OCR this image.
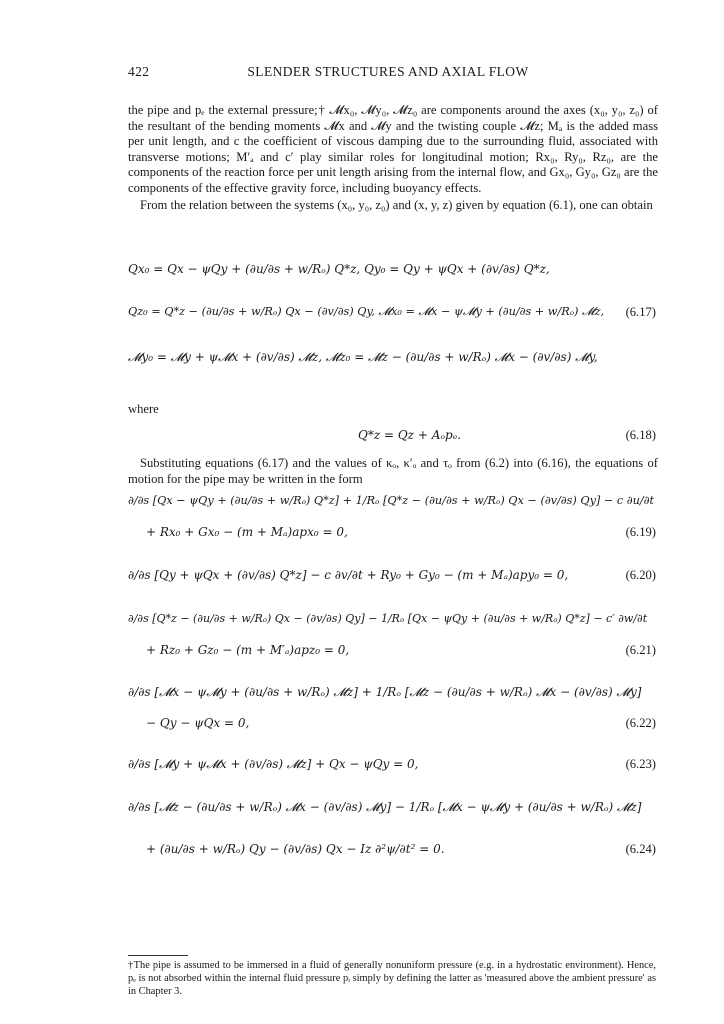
422	SLENDER STRUCTURES AND AXIAL FLOW

the pipe and pₑ the external pressure;† 𝓜x₀, 𝓜y₀, 𝓜z₀ are components around the axes (x₀, y₀, z₀) of the resultant of the bending moments 𝓜x and 𝓜y and the twisting couple 𝓜z; Mₐ is the added mass per unit length, and c the coefficient of viscous damping due to the surrounding fluid, associated with transverse motions; M′ₐ and c′ play similar roles for longitudinal motion; Rx₀, Ry₀, Rz₀, are the components of the reaction force per unit length arising from the internal flow, and Gx₀, Gy₀, Gz₀ are the components of the effective gravity force, including buoyancy effects.

From the relation between the systems (x₀, y₀, z₀) and (x, y, z) given by equation (6.1), one can obtain

Qx₀ = Qx − ψQy + (∂u/∂s + w/Rₒ) Q*z, Qy₀ = Qy + ψQx + (∂v/∂s) Q*z,
Qz₀ = Q*z − (∂u/∂s + w/Rₒ) Qx − (∂v/∂s) Qy, 𝓜x₀ = 𝓜x − ψ𝓜y + (∂u/∂s + w/Rₒ) 𝓜z, (6.17)
𝓜y₀ = 𝓜y + ψ𝓜x + (∂v/∂s) 𝓜z, 𝓜z₀ = 𝓜z − (∂u/∂s + w/Rₒ) 𝓜x − (∂v/∂s) 𝓜y,
where
Q*z = Qz + Aₒpₑ.	(6.18)

Substituting equations (6.17) and the values of κₒ, κ′ₒ and τₒ from (6.2) into (6.16), the equations of motion for the pipe may be written in the form

∂/∂s [Qx − ψQy + (∂u/∂s + w/Rₒ) Q*z] + 1/Rₒ [Q*z − (∂u/∂s + w/Rₒ) Qx − (∂v/∂s) Qy] − c ∂u/∂t
+ Rx₀ + Gx₀ − (m + Mₐ)apx₀ = 0,	(6.19)
∂/∂s [Qy + ψQx + (∂v/∂s) Q*z] − c ∂v/∂t + Ry₀ + Gy₀ − (m + Mₐ)apy₀ = 0,	(6.20)
∂/∂s [Q*z − (∂u/∂s + w/Rₒ) Qx − (∂v/∂s) Qy] − 1/Rₒ [Qx − ψQy + (∂u/∂s + w/Rₒ) Q*z] − c′ ∂w/∂t
+ Rz₀ + Gz₀ − (m + M′ₐ)apz₀ = 0,	(6.21)
∂/∂s [𝓜x − ψ𝓜y + (∂u/∂s + w/Rₒ) 𝓜z] + 1/Rₒ [𝓜z − (∂u/∂s + w/Rₒ) 𝓜x − (∂v/∂s) 𝓜y]
− Qy − ψQx = 0,	(6.22)
∂/∂s [𝓜y + ψ𝓜x + (∂v/∂s) 𝓜z] + Qx − ψQy = 0,	(6.23)
∂/∂s [𝓜z − (∂u/∂s + w/Rₒ) 𝓜x − (∂v/∂s) 𝓜y] − 1/Rₒ [𝓜x − ψ𝓜y + (∂u/∂s + w/Rₒ) 𝓜z]
+ (∂u/∂s + w/Rₒ) Qy − (∂v/∂s) Qx − Iz ∂²ψ/∂t² = 0.	(6.24)

†The pipe is assumed to be immersed in a fluid of generally nonuniform pressure (e.g. in a hydrostatic environment). Hence, pₑ is not absorbed within the internal fluid pressure pᵢ simply by defining the latter as 'measured above the ambient pressure' as in Chapter 3.
